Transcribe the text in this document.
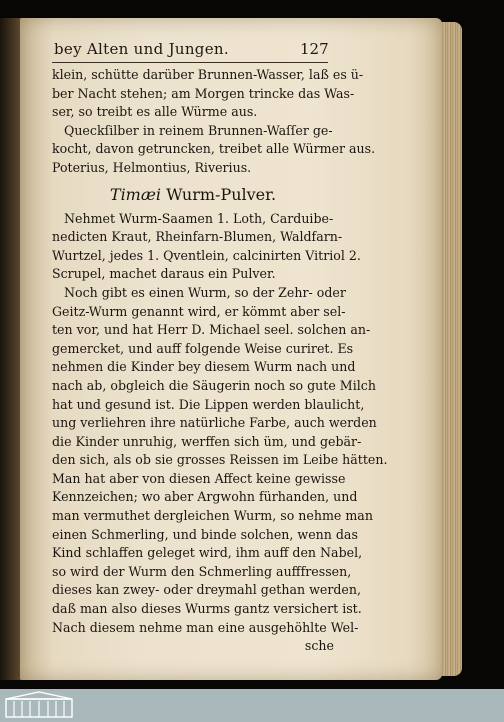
bey Alten und Jungen.	127
klein, schütte darüber Brunnen-Wasser, laß es ü-
ber Nacht stehen; am Morgen trincke das Was-
ser, so treibt es alle Würme aus.
Queckſilber in reinem Brunnen-Waſſer ge-
kocht, davon getruncken, treibet alle Würmer aus.
Poterius, Helmontius, Riverius.
Timæi Wurm-Pulver.
Nehmet Wurm-Saamen 1. Loth, Carduibe-
nedicten Kraut, Rheinfarn-Blumen, Waldfarn-
Wurtzel, jedes 1. Qventlein, calcinirten Vitriol 2.
Scrupel, machet daraus ein Pulver.
Noch gibt es einen Wurm, so der Zehr- oder
Geitz-Wurm genannt wird, er kömmt aber sel-
ten vor, und hat Herr D. Michael seel. solchen an-
gemercket, und auff folgende Weise curiret. Es
nehmen die Kinder bey diesem Wurm nach und
nach ab, obgleich die Säugerin noch so gute Milch
hat und gesund ist. Die Lippen werden blaulicht,
ung verliehren ihre natürliche Farbe, auch werden
die Kinder unruhig, werffen sich üm, und gebär-
den sich, als ob sie grosses Reissen im Leibe hätten.
Man hat aber von diesen Affect keine gewisse
Kennzeichen; wo aber Argwohn fürhanden, und
man vermuthet dergleichen Wurm, so nehme man
einen Schmerling, und binde solchen, wenn das
Kind schlaffen geleget wird, ihm auff den Nabel,
so wird der Wurm den Schmerling aufffressen,
dieses kan zwey- oder dreymahl gethan werden,
daß man also dieses Wurms gantz versichert ist.
Nach diesem nehme man eine ausgehöhlte Wel-
sche
